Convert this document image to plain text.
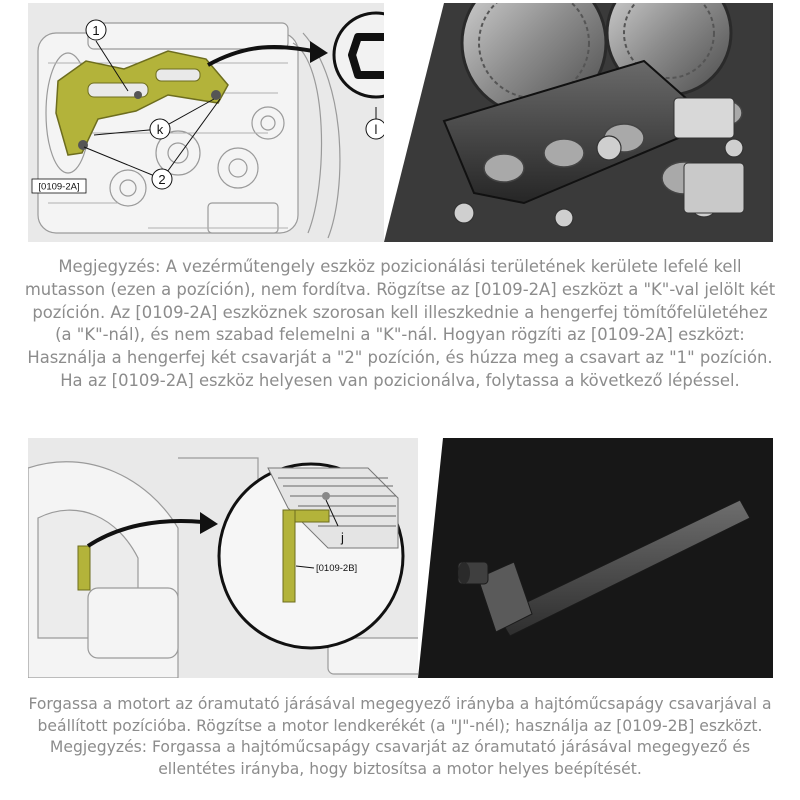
1
k
2
l
[0109-2A]
Megjegyzés: A vezérműtengely eszköz pozicionálási területének kerülete lefelé kell mutasson (ezen a pozíción), nem fordítva. Rögzítse az [0109-2A] eszközt a "K"-val jelölt két pozíción. Az [0109-2A] eszköznek szorosan kell illeszkednie a hengerfej tömítőfelületéhez (a "K"-nál), és nem szabad felemelni a "K"-nál. Hogyan rögzíti az [0109-2A] eszközt: Használja a hengerfej két csavarját a "2" pozíción, és húzza meg a csavart az "1" pozíción. Ha az [0109-2A] eszköz helyesen van pozicionálva, folytassa a következő lépéssel.
j
[0109-2B]
Forgassa a motort az óramutató járásával megegyező irányba a hajtóműcsapágy csavarjával a beállított pozícióba. Rögzítse a motor lendkerékét (a "J"-nél); használja az [0109-2B] eszközt. Megjegyzés: Forgassa a hajtóműcsapágy csavarját az óramutató járásával megegyező és ellentétes irányba, hogy biztosítsa a motor helyes beépítését.
